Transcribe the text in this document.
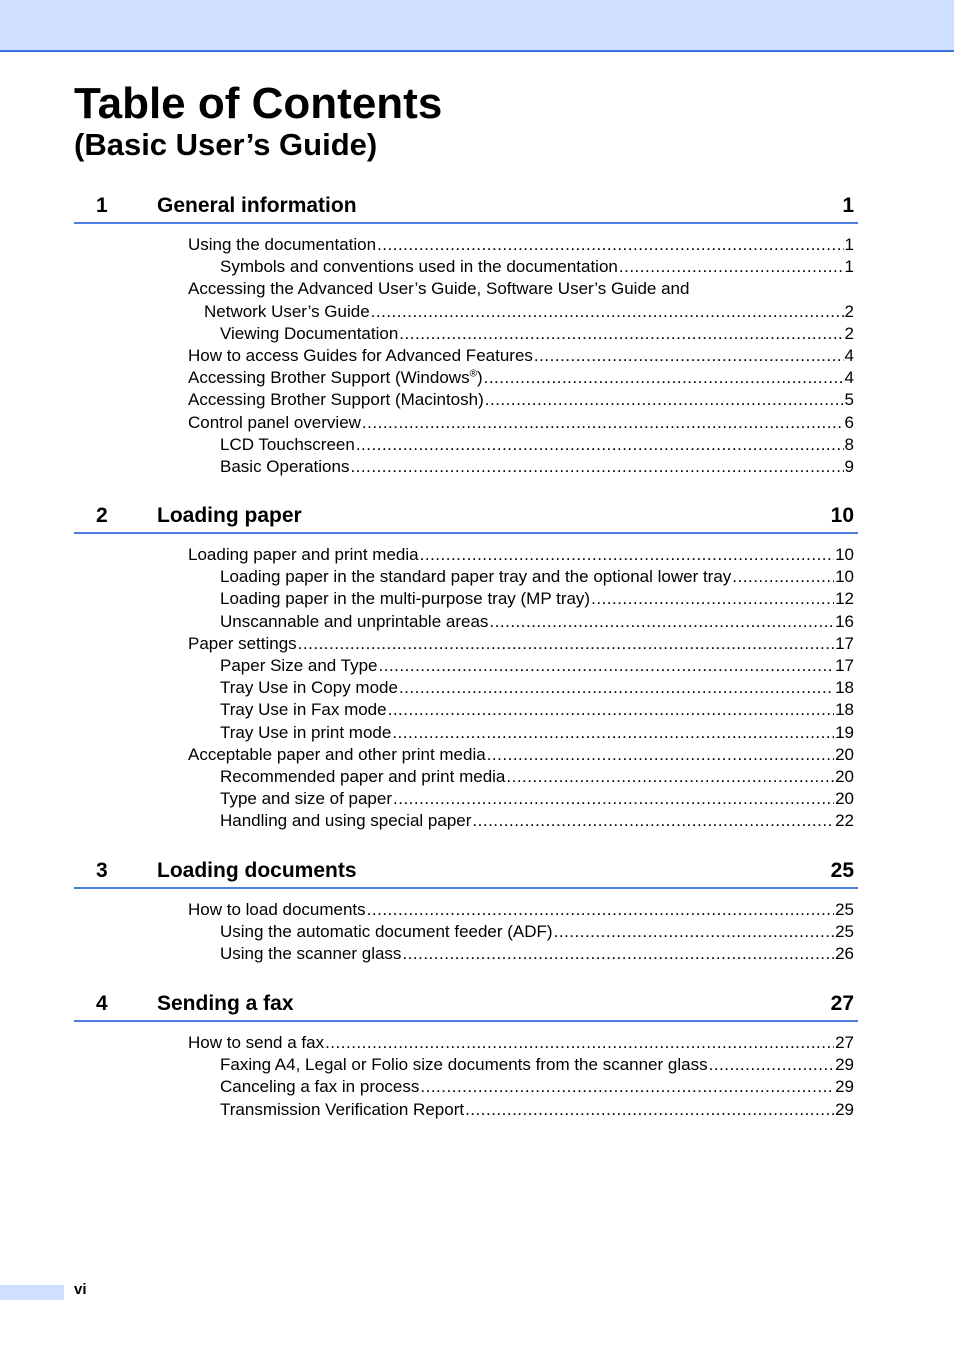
Table of Contents
(Basic User’s Guide)
1 General information	1
Using the documentation .....	1
Symbols and conventions used in the documentation .....	1
Accessing the Advanced User’s Guide, Software User’s Guide and
Network User’s Guide .....	2
Viewing Documentation .....	2
How to access Guides for Advanced Features .....	4
Accessing Brother Support (Windows®) .....	4
Accessing Brother Support (Macintosh) .....	5
Control panel overview .....	6
LCD Touchscreen .....	8
Basic Operations .....	9
2 Loading paper	10
Loading paper and print media .....	10
Loading paper in the standard paper tray and the optional lower tray .....	10
Loading paper in the multi-purpose tray (MP tray) .....	12
Unscannable and unprintable areas .....	16
Paper settings .....	17
Paper Size and Type .....	17
Tray Use in Copy mode .....	18
Tray Use in Fax mode .....	18
Tray Use in print mode .....	19
Acceptable paper and other print media .....	20
Recommended paper and print media .....	20
Type and size of paper .....	20
Handling and using special paper .....	22
3 Loading documents	25
How to load documents .....	25
Using the automatic document feeder (ADF) .....	25
Using the scanner glass .....	26
4 Sending a fax	27
How to send a fax .....	27
Faxing A4, Legal or Folio size documents from the scanner glass .....	29
Canceling a fax in process .....	29
Transmission Verification Report .....	29
vi
